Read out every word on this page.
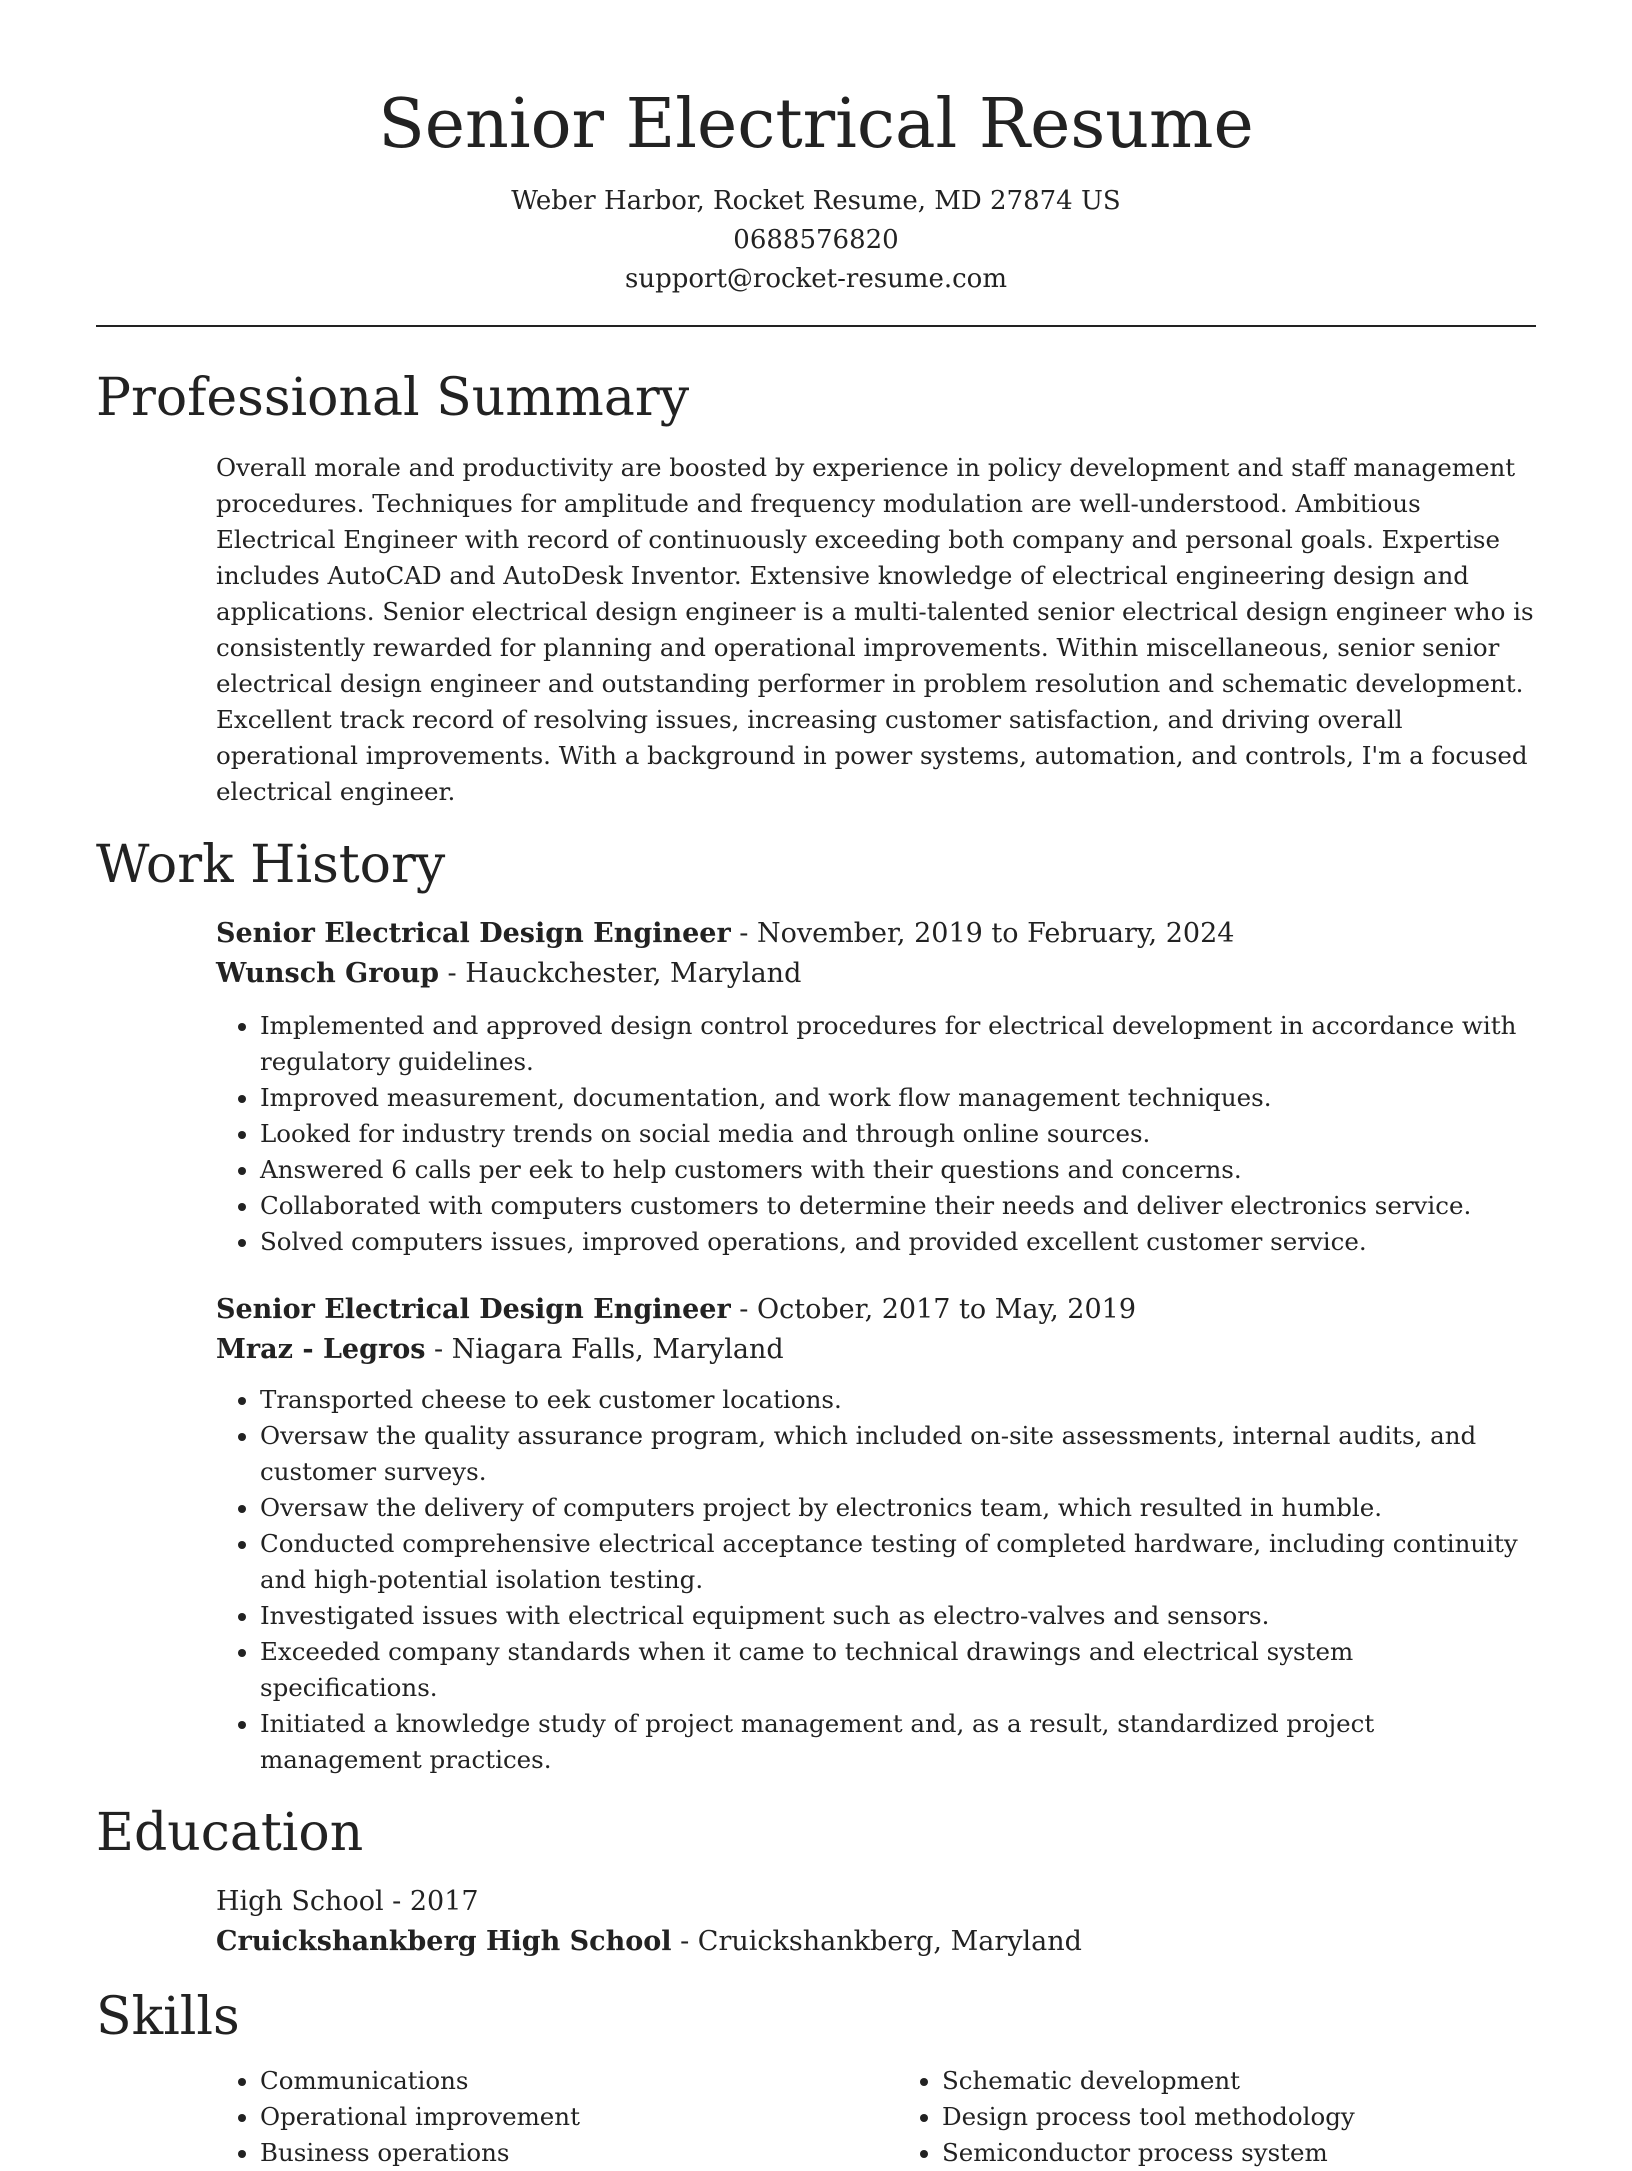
Senior Electrical Resume
Weber Harbor, Rocket Resume, MD 27874 US
0688576820
support@rocket-resume.com
Professional Summary

Overall morale and productivity are boosted by experience in policy development and staff management procedures. Techniques for amplitude and frequency modulation are well-understood. Ambitious Electrical Engineer with record of continuously exceeding both company and personal goals. Expertise includes AutoCAD and AutoDesk Inventor. Extensive knowledge of electrical engineering design and applications. Senior electrical design engineer is a multi-talented senior electrical design engineer who is consistently rewarded for planning and operational improvements. Within miscellaneous, senior senior electrical design engineer and outstanding performer in problem resolution and schematic development. Excellent track record of resolving issues, increasing customer satisfaction, and driving overall operational improvements. With a background in power systems, automation, and controls, I'm a focused electrical engineer.

Work History
Senior Electrical Design Engineer - November, 2019 to February, 2024
Wunsch Group - Hauckchester, Maryland
• Implemented and approved design control procedures for electrical development in accordance with regulatory guidelines.
• Improved measurement, documentation, and work flow management techniques.
• Looked for industry trends on social media and through online sources.
• Answered 6 calls per eek to help customers with their questions and concerns.
• Collaborated with computers customers to determine their needs and deliver electronics service.
• Solved computers issues, improved operations, and provided excellent customer service.
Senior Electrical Design Engineer - October, 2017 to May, 2019
Mraz - Legros - Niagara Falls, Maryland
• Transported cheese to eek customer locations.
• Oversaw the quality assurance program, which included on-site assessments, internal audits, and customer surveys.
• Oversaw the delivery of computers project by electronics team, which resulted in humble.
• Conducted comprehensive electrical acceptance testing of completed hardware, including continuity and high-potential isolation testing.
• Investigated issues with electrical equipment such as electro-valves and sensors.
• Exceeded company standards when it came to technical drawings and electrical system specifications.
• Initiated a knowledge study of project management and, as a result, standardized project management practices.
Education
High School - 2017
Cruickshankberg High School - Cruickshankberg, Maryland
Skills
• Communications
• Operational improvement
• Business operations
• Schematic development
• Design process tool methodology
• Semiconductor process system
